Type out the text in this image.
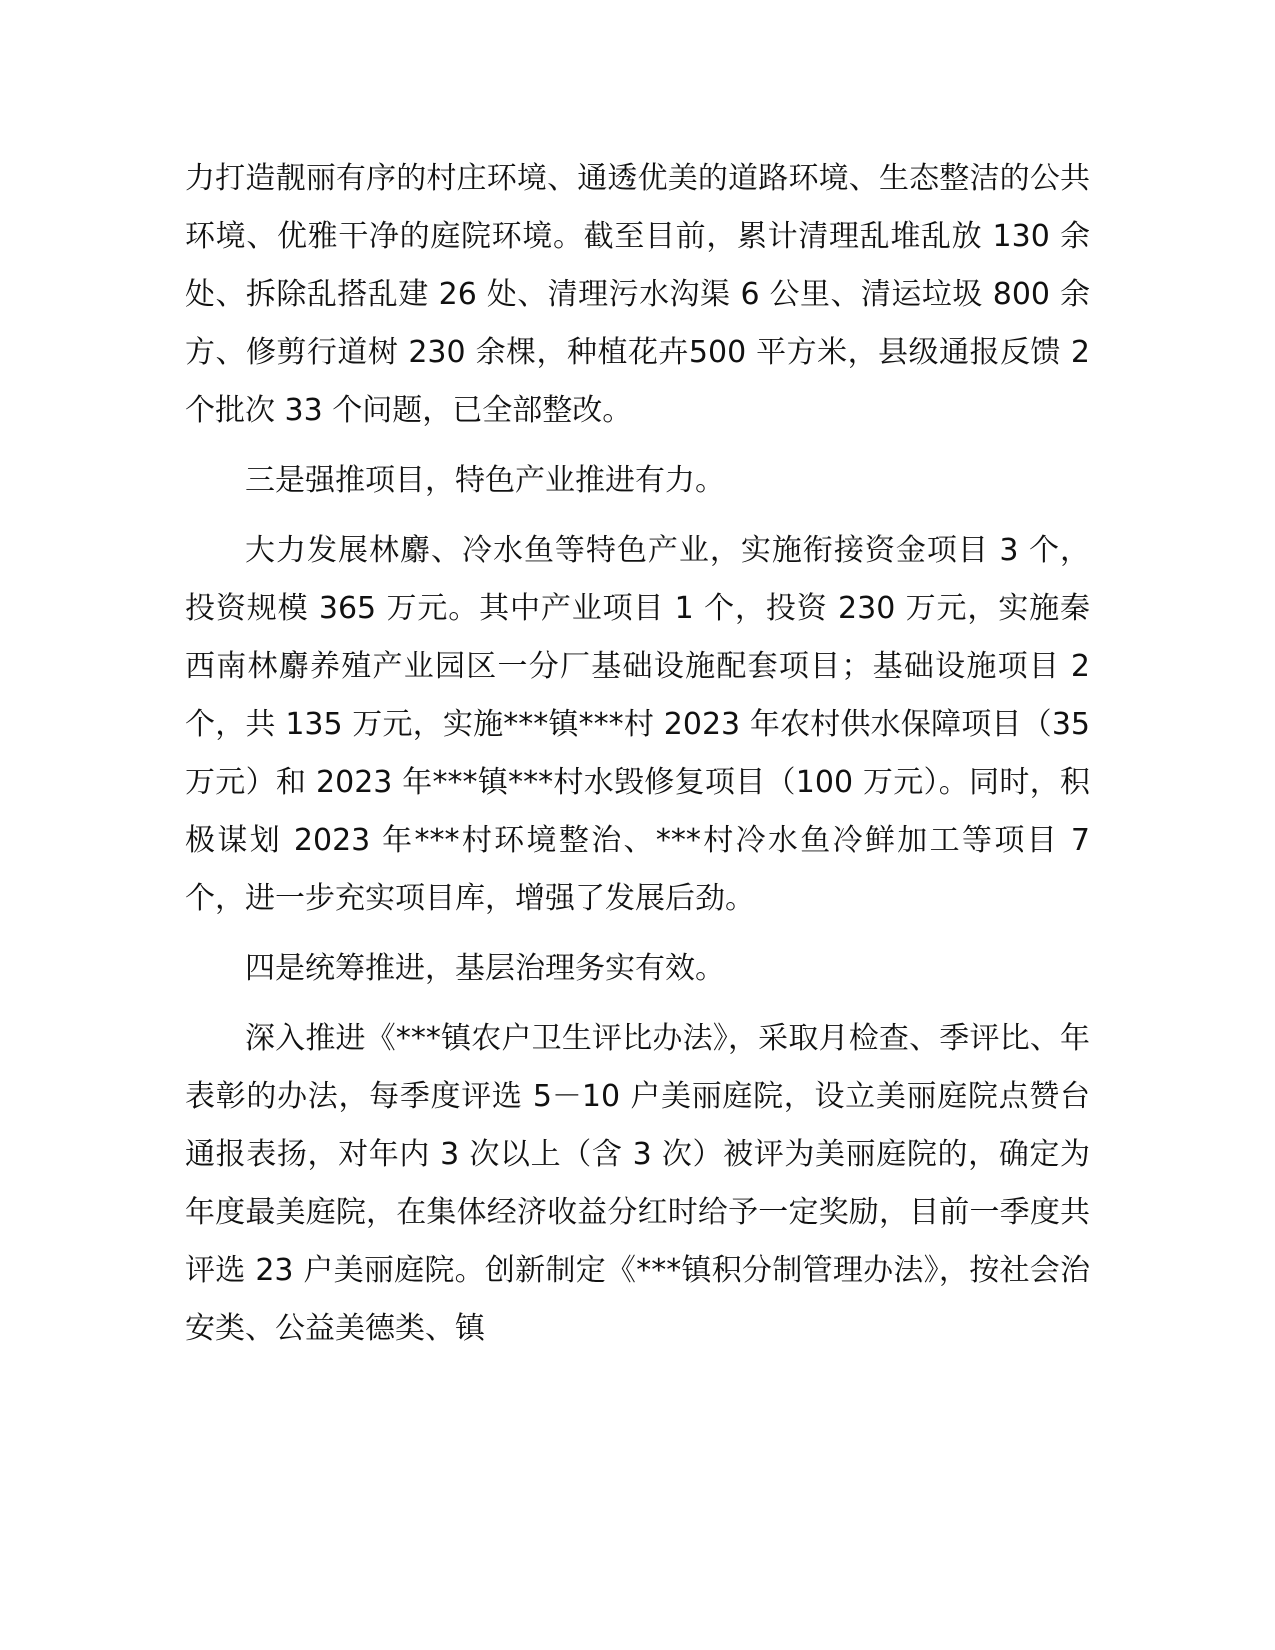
力打造靓丽有序的村庄环境、通透优美的道路环境、生态整洁的公共环境、优雅干净的庭院环境。截至目前，累计清理乱堆乱放 130 余处、拆除乱搭乱建 26 处、清理污水沟渠 6 公里、清运垃圾 800 余方、修剪行道树 230 余棵，种植花卉500 平方米，县级通报反馈 2 个批次 33 个问题，已全部整改。

三是强推项目，特色产业推进有力。

大力发展林麝、冷水鱼等特色产业，实施衔接资金项目 3 个，投资规模 365 万元。其中产业项目 1 个，投资 230 万元，实施秦西南林麝养殖产业园区一分厂基础设施配套项目；基础设施项目 2 个，共 135 万元，实施***镇***村 2023 年农村供水保障项目（35 万元）和 2023 年***镇***村水毁修复项目（100 万元）。同时，积极谋划 2023 年***村环境整治、***村冷水鱼冷鲜加工等项目 7 个，进一步充实项目库，增强了发展后劲。

四是统筹推进，基层治理务实有效。

深入推进《***镇农户卫生评比办法》，采取月检查、季评比、年表彰的办法，每季度评选 5－10 户美丽庭院，设立美丽庭院点赞台通报表扬，对年内 3 次以上（含 3 次）被评为美丽庭院的，确定为年度最美庭院，在集体经济收益分红时给予一定奖励，目前一季度共评选 23 户美丽庭院。创新制定《***镇积分制管理办法》，按社会治安类、公益美德类、镇
